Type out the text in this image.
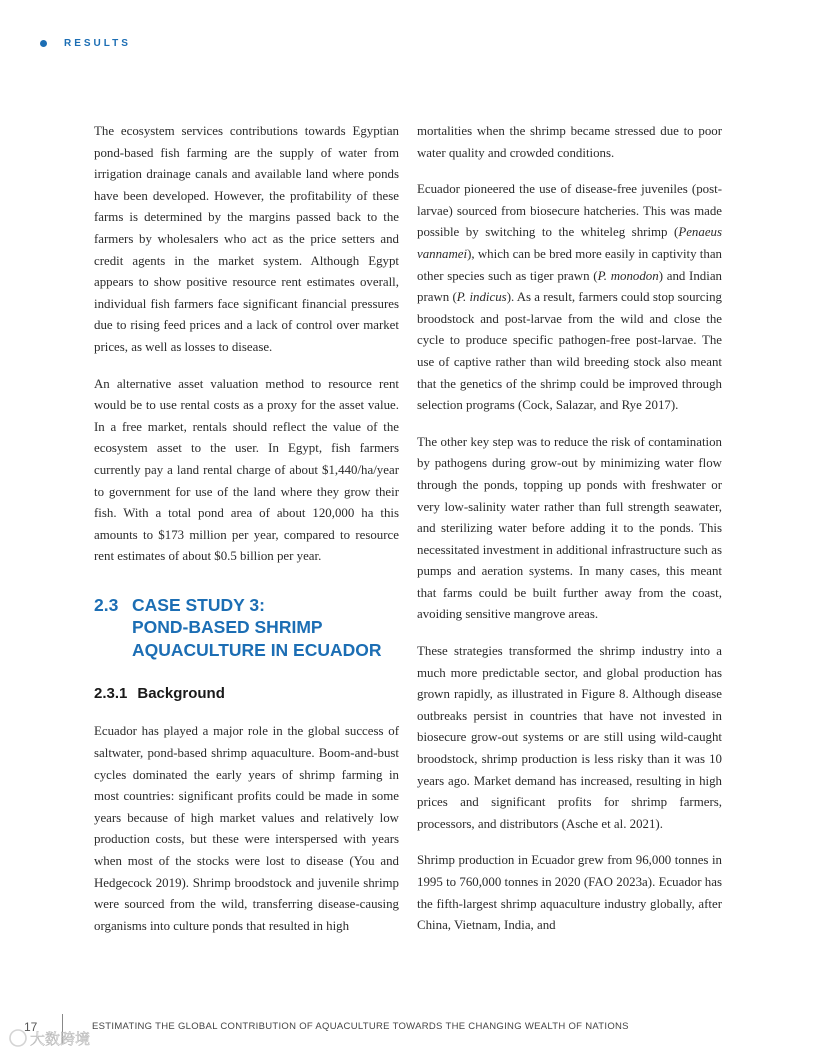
RESULTS

The ecosystem services contributions towards Egyptian pond-based fish farming are the supply of water from irrigation drainage canals and available land where ponds have been developed. However, the profitability of these farms is determined by the margins passed back to the farmers by wholesalers who act as the price setters and credit agents in the market system. Although Egypt appears to show positive resource rent estimates overall, individual fish farmers face significant financial pressures due to rising feed prices and a lack of control over market prices, as well as losses to disease.

An alternative asset valuation method to resource rent would be to use rental costs as a proxy for the asset value. In a free market, rentals should reflect the value of the ecosystem asset to the user. In Egypt, fish farmers currently pay a land rental charge of about $1,440/ha/year to government for use of the land where they grow their fish. With a total pond area of about 120,000 ha this amounts to $173 million per year, compared to resource rent estimates of about $0.5 billion per year.

2.3 CASE STUDY 3:
POND-BASED SHRIMP
AQUACULTURE IN ECUADOR
2.3.1 Background

Ecuador has played a major role in the global success of saltwater, pond-based shrimp aquaculture. Boom-and-bust cycles dominated the early years of shrimp farming in most countries: significant profits could be made in some years because of high market values and relatively low production costs, but these were interspersed with years when most of the stocks were lost to disease (You and Hedgecock 2019). Shrimp broodstock and juvenile shrimp were sourced from the wild, transferring disease-causing organisms into culture ponds that resulted in high

mortalities when the shrimp became stressed due to poor water quality and crowded conditions.

Ecuador pioneered the use of disease-free juveniles (post-larvae) sourced from biosecure hatcheries. This was made possible by switching to the whiteleg shrimp (Penaeus vannamei), which can be bred more easily in captivity than other species such as tiger prawn (P. monodon) and Indian prawn (P. indicus). As a result, farmers could stop sourcing broodstock and post-larvae from the wild and close the cycle to produce specific pathogen-free post-larvae. The use of captive rather than wild breeding stock also meant that the genetics of the shrimp could be improved through selection programs (Cock, Salazar, and Rye 2017).

The other key step was to reduce the risk of contamination by pathogens during grow-out by minimizing water flow through the ponds, topping up ponds with freshwater or very low-salinity water rather than full strength seawater, and sterilizing water before adding it to the ponds. This necessitated investment in additional infrastructure such as pumps and aeration systems. In many cases, this meant that farms could be built further away from the coast, avoiding sensitive mangrove areas.

These strategies transformed the shrimp industry into a much more predictable sector, and global production has grown rapidly, as illustrated in Figure 8. Although disease outbreaks persist in countries that have not invested in biosecure grow-out systems or are still using wild-caught broodstock, shrimp production is less risky than it was 10 years ago. Market demand has increased, resulting in high prices and significant profits for shrimp farmers, processors, and distributors (Asche et al. 2021).

Shrimp production in Ecuador grew from 96,000 tonnes in 1995 to 760,000 tonnes in 2020 (FAO 2023a). Ecuador has the fifth-largest shrimp aquaculture industry globally, after China, Vietnam, India, and

17	ESTIMATING THE GLOBAL CONTRIBUTION OF AQUACULTURE TOWARDS THE CHANGING WEALTH OF NATIONS
大数跨境
